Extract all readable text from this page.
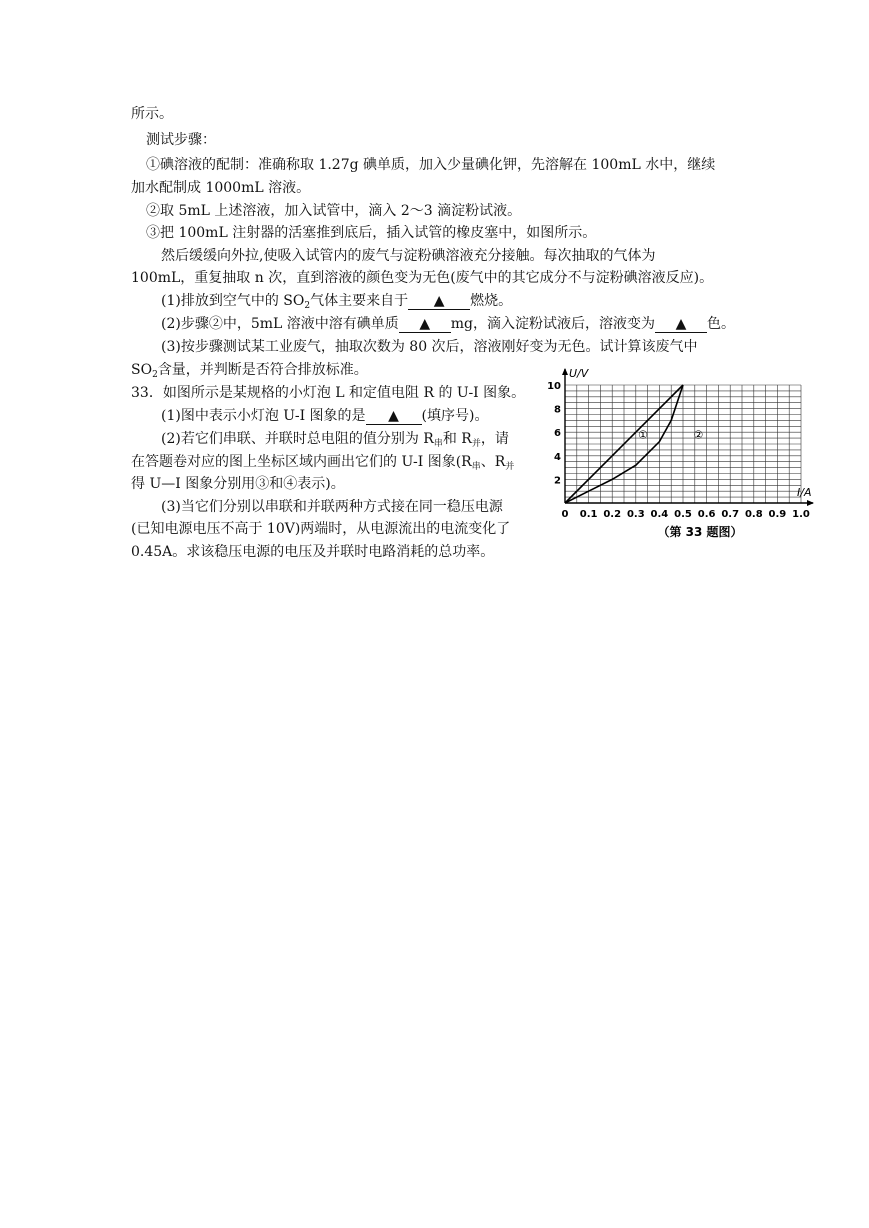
所示。
测试步骤：
①碘溶液的配制：准确称取 1.27g 碘单质，加入少量碘化钾，先溶解在 100mL 水中，继续
加水配制成 1000mL 溶液。
②取 5mL 上述溶液，加入试管中，滴入 2～3 滴淀粉试液。
③把 100mL 注射器的活塞推到底后，插入试管的橡皮塞中，如图所示。
然后缓缓向外拉,使吸入试管内的废气与淀粉碘溶液充分接触。每次抽取的气体为
100mL，重复抽取 n 次，直到溶液的颜色变为无色(废气中的其它成分不与淀粉碘溶液反应)。
(1)排放到空气中的 $SO_2$气体主要来自于 ▲ 燃烧。
(2)步骤②中，5mL 溶液中溶有碘单质 ▲ mg，滴入淀粉试液后，溶液变为 ▲ 色。
(3)按步骤测试某工业废气，抽取次数为 80 次后，溶液刚好变为无色。试计算该废气中
$SO_2$含量，并判断是否符合排放标准。
33．如图所示是某规格的小灯泡 L 和定值电阻 R 的 U-I 图象。
(1)图中表示小灯泡 U-I 图象的是 ▲ (填序号)。
(2)若它们串联、并联时总电阻的值分别为 $R_串$和 $R_并$，请
在答题卷对应的图上坐标区域内画出它们的 U-I 图象($R_串$、$R_并$
得 U—I 图象分别用③和④表示)。
(3)当它们分别以串联和并联两种方式接在同一稳压电源
(已知电源电压不高于 10V)两端时，从电源流出的电流变化了
0.45A。求该稳压电源的电压及并联时电路消耗的总功率。
0 0.1 0.2 0.3 0.4 0.5 0.6 0.7 0.8 0.9 1.0
2
4
6
8
10
①	②
U/V
I/A
（第 33 题图）
